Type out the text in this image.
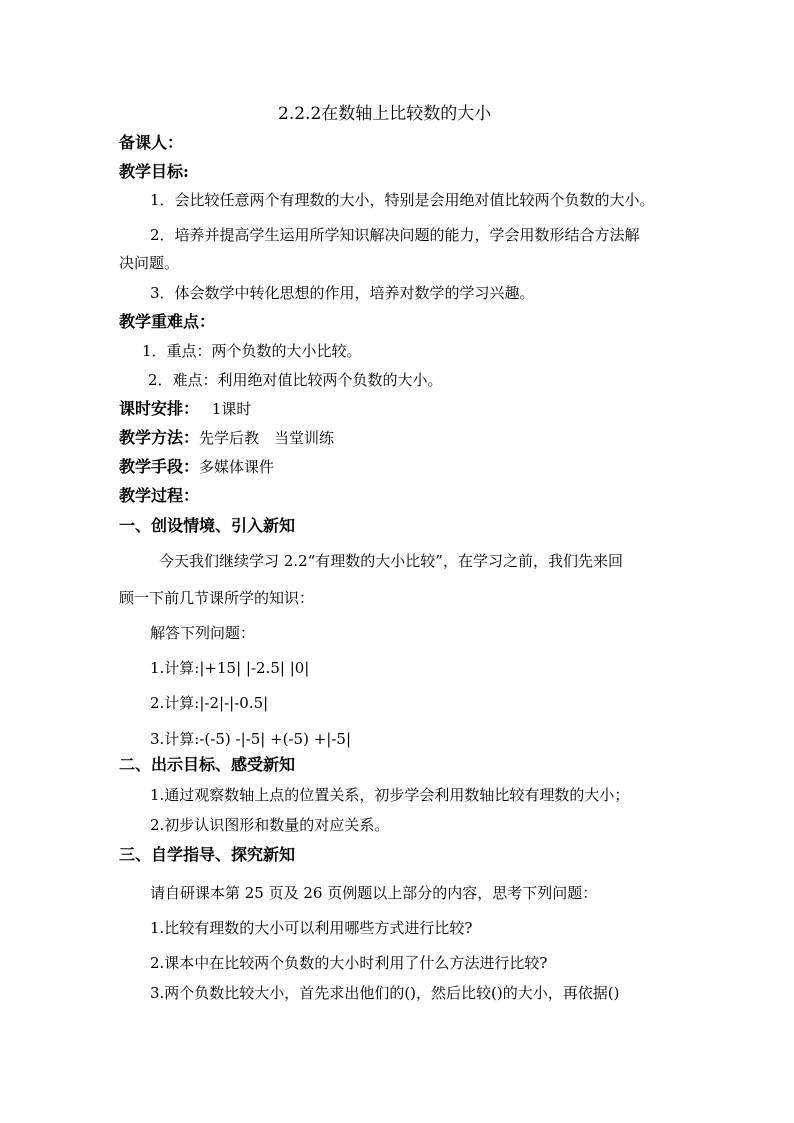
2.2.2在数轴上比较数的大小
备课人：
教学目标:
1．会比较任意两个有理数的大小，特别是会用绝对值比较两个负数的大小。
2．培养并提高学生运用所学知识解决问题的能力，学会用数形结合方法解
决问题。
3．体会数学中转化思想的作用，培养对数学的学习兴趣。
教学重难点：
1．重点：两个负数的大小比较。
2．难点：利用绝对值比较两个负数的大小。
课时安排： 1课时
教学方法：先学后教　当堂训练
教学手段：多媒体课件
教学过程：
一、创设情境、引入新知
今天我们继续学习 2.2“有理数的大小比较”，在学习之前，我们先来回
顾一下前几节课所学的知识：
解答下列问题：
1.计算:|+15| |-2.5| |0|
2.计算:|-2|-|-0.5|
3.计算:-(-5) -|-5| +(-5) +|-5|
二、出示目标、感受新知
1.通过观察数轴上点的位置关系，初步学会利用数轴比较有理数的大小；
2.初步认识图形和数量的对应关系。
三、自学指导、探究新知
请自研课本第 25 页及 26 页例题以上部分的内容，思考下列问题：
1.比较有理数的大小可以利用哪些方式进行比较?
2.课本中在比较两个负数的大小时利用了什么方法进行比较?
3.两个负数比较大小，首先求出他们的()，然后比较()的大小，再依据()
